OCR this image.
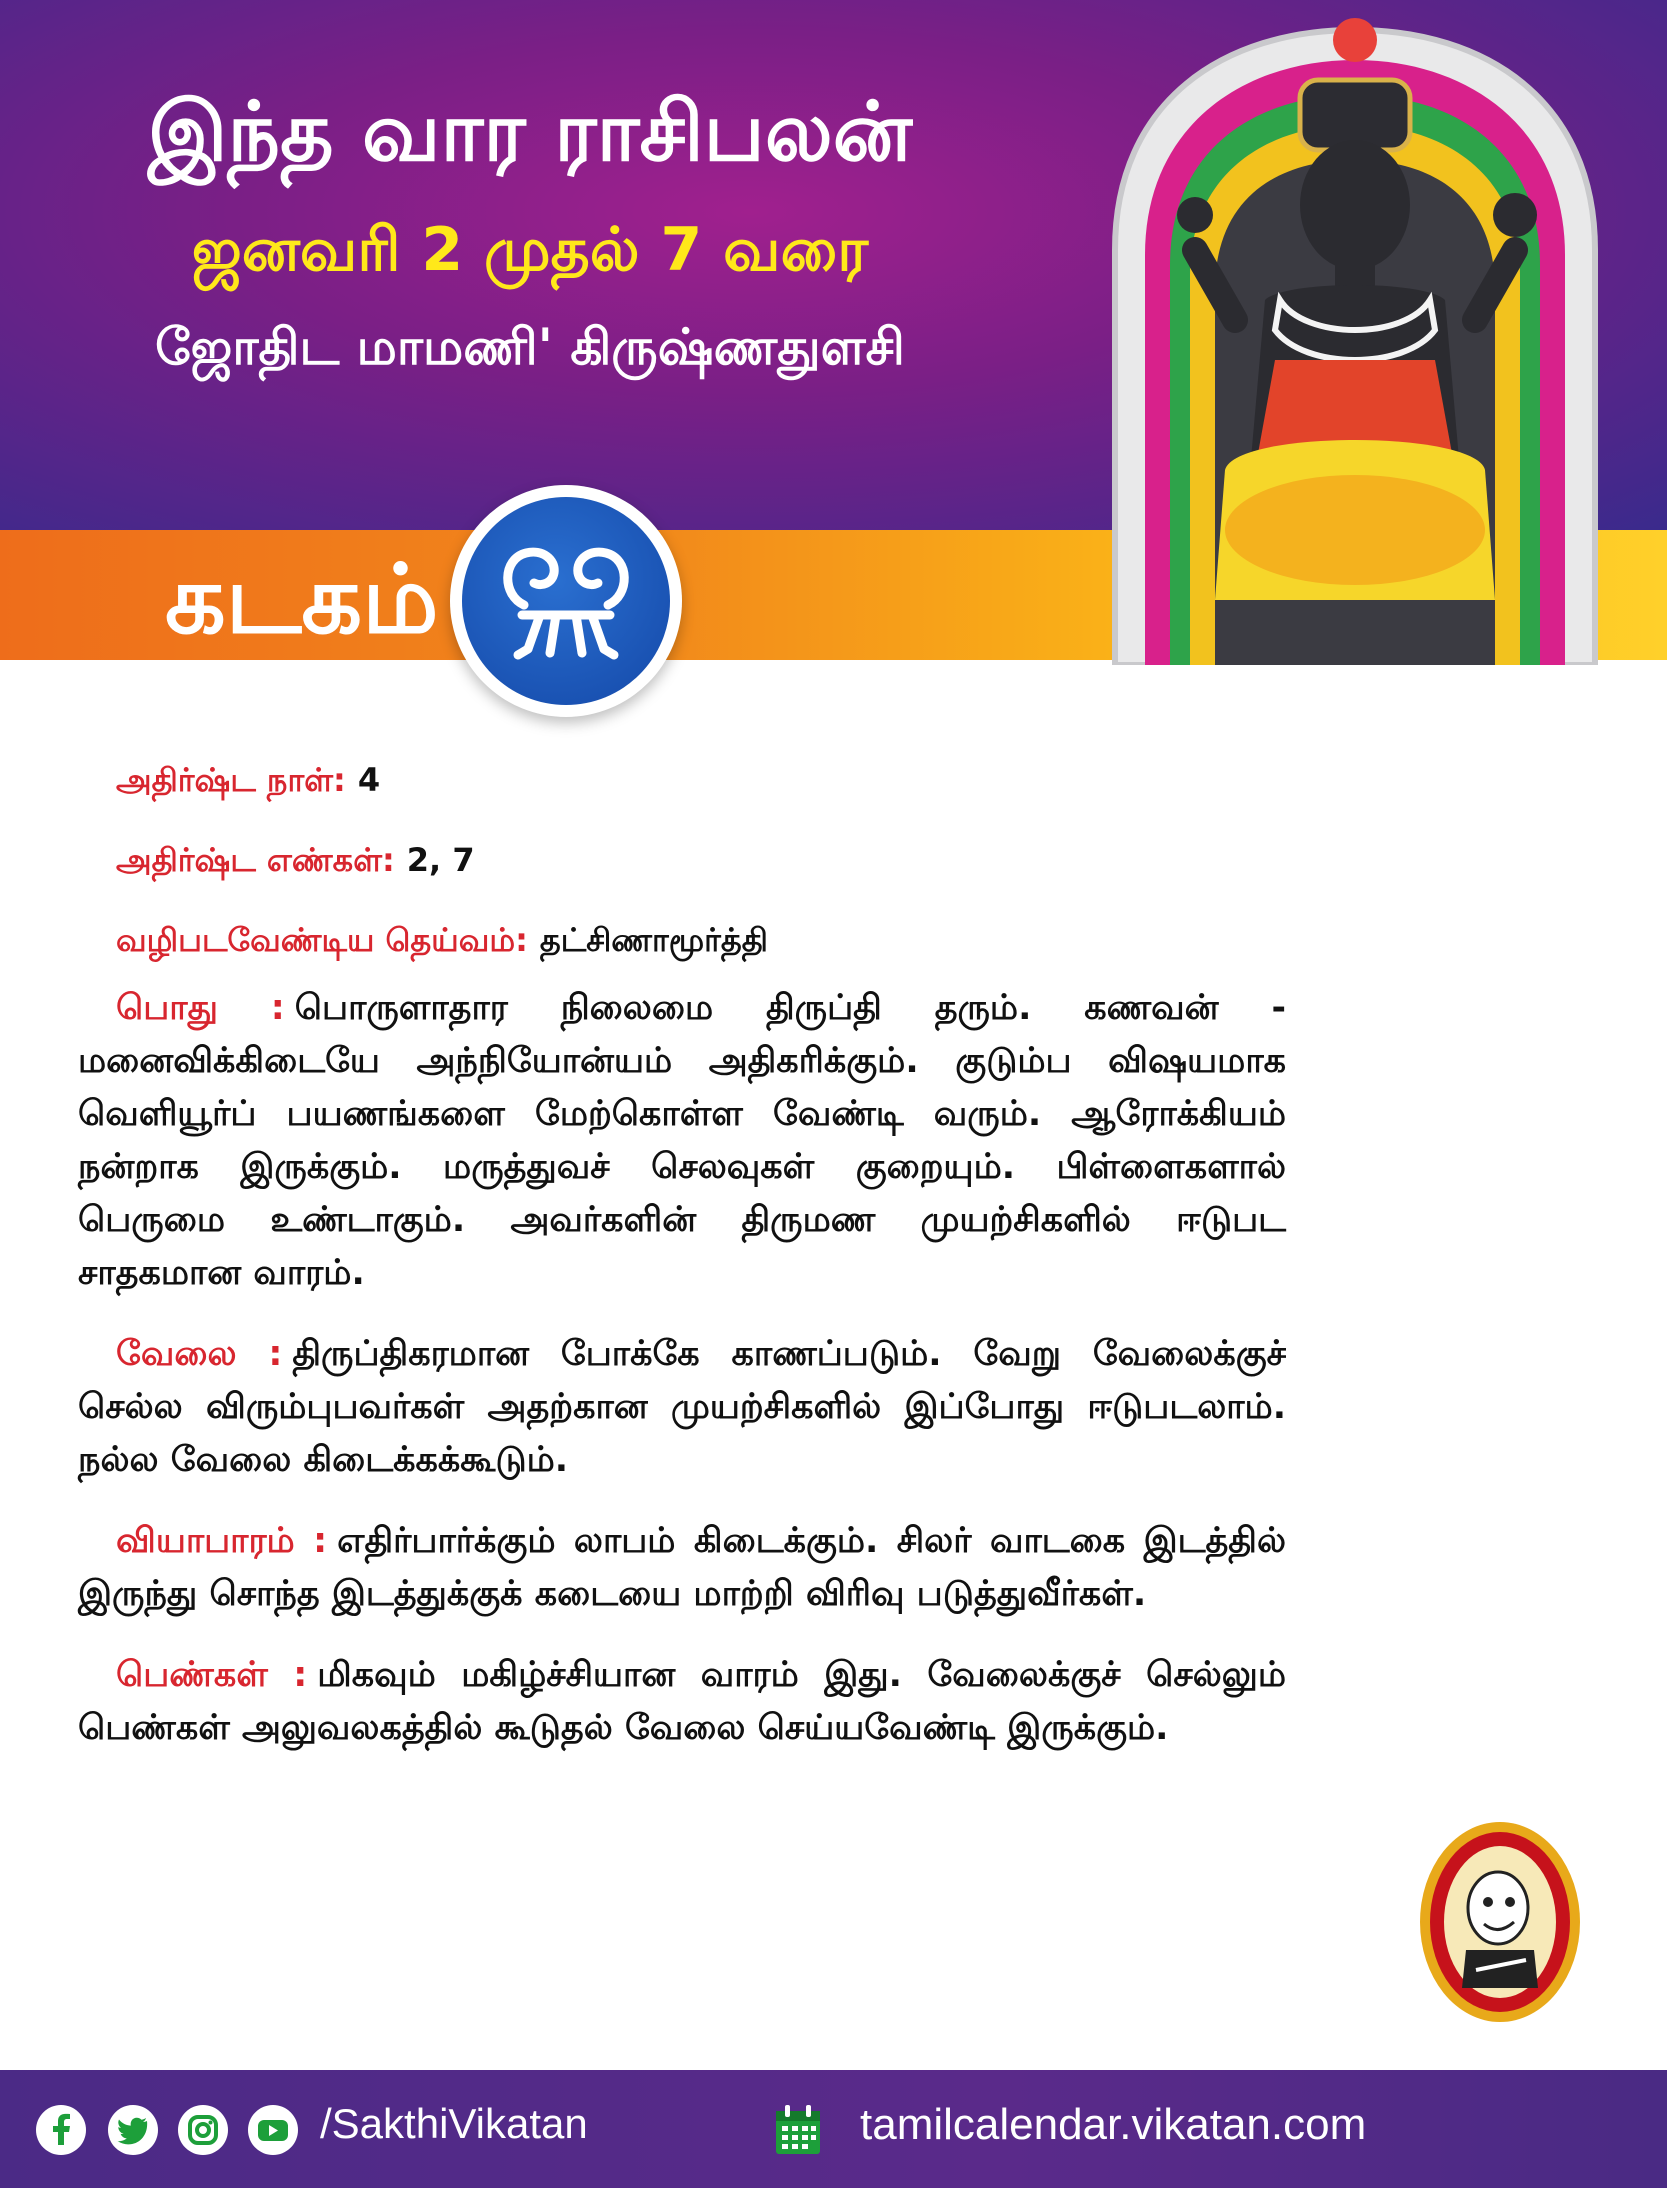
இந்த வார ராசிபலன்
ஜனவரி 2 முதல் 7 வரை
ஜோதிட மாமணி' கிருஷ்ணதுளசி
கடகம்
அதிர்ஷ்ட நாள்: 4
அதிர்ஷ்ட எண்கள்: 2, 7
வழிபடவேண்டிய தெய்வம்: தட்சிணாமூர்த்தி

பொது : பொருளாதார நிலைமை திருப்தி தரும். கணவன் - மனைவிக்கிடையே அந்நியோன்யம் அதிகரிக்கும். குடும்ப விஷயமாக வெளியூர்ப் பயணங்களை மேற்கொள்ள வேண்டி வரும். ஆரோக்கியம் நன்றாக இருக்கும். மருத்துவச் செலவுகள் குறையும். பிள்ளைகளால் பெருமை உண்டாகும். அவர்களின் திருமண முயற்சிகளில் ஈடுபட சாதகமான வாரம்.

வேலை : திருப்திகரமான போக்கே காணப்படும். வேறு வேலைக்குச் செல்ல விரும்புபவர்கள் அதற்கான முயற்சிகளில் இப்போது ஈடுபடலாம். நல்ல வேலை கிடைக்கக்கூடும்.

வியாபாரம் : எதிர்பார்க்கும் லாபம் கிடைக்கும். சிலர் வாடகை இடத்தில் இருந்து சொந்த இடத்துக்குக் கடையை மாற்றி விரிவு படுத்துவீர்கள்.

பெண்கள் : மிகவும் மகிழ்ச்சியான வாரம் இது. வேலைக்குச் செல்லும் பெண்கள் அலுவலகத்தில் கூடுதல் வேலை செய்யவேண்டி இருக்கும்.

/SakthiVikatan	tamilcalendar.vikatan.com
